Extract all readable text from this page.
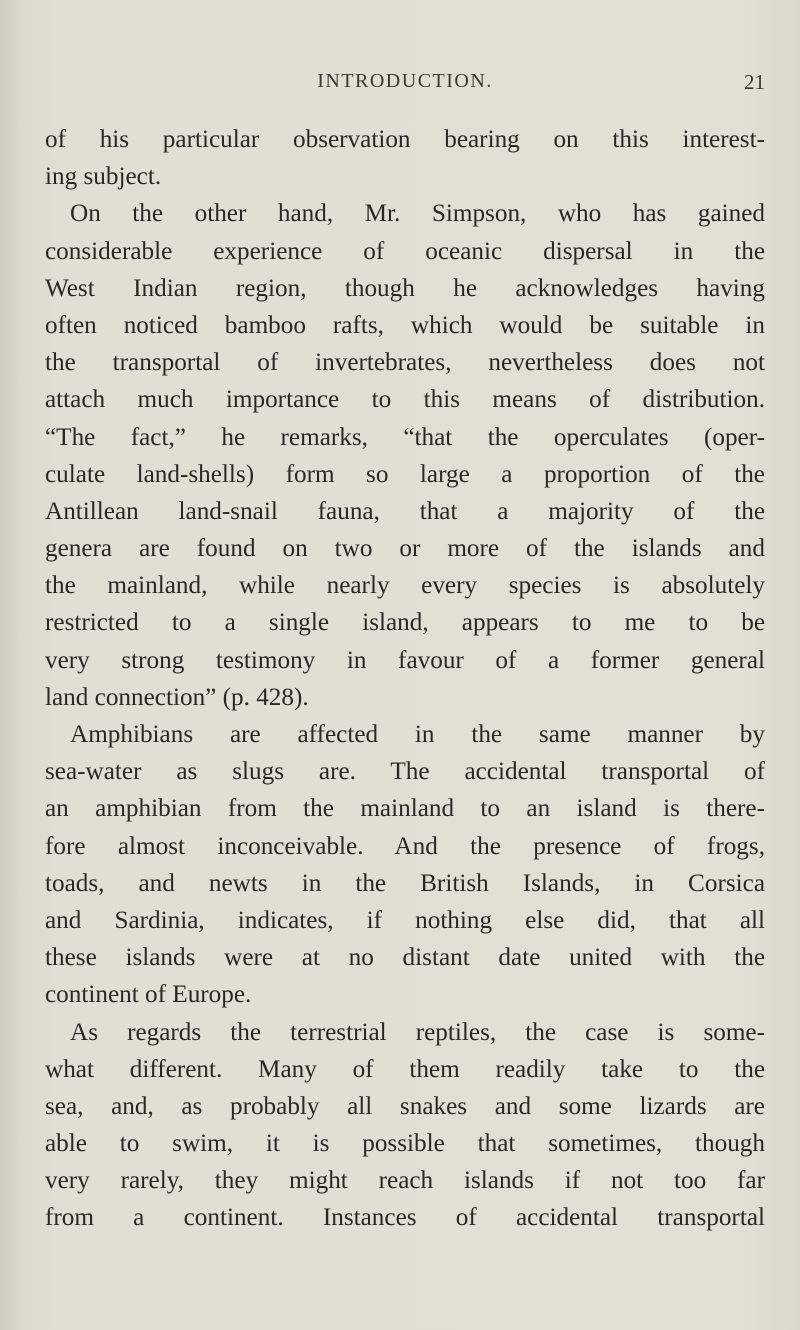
INTRODUCTION.	21
of his particular observation bearing on this interest-
ing subject.
On the other hand, Mr. Simpson, who has gained
considerable experience of oceanic dispersal in the
West Indian region, though he acknowledges having
often noticed bamboo rafts, which would be suitable in
the transportal of invertebrates, nevertheless does not
attach much importance to this means of distribution.
“The fact,” he remarks, “that the operculates (oper-
culate land-shells) form so large a proportion of the
Antillean land-snail fauna, that a majority of the
genera are found on two or more of the islands and
the mainland, while nearly every species is absolutely
restricted to a single island, appears to me to be
very strong testimony in favour of a former general
land connection” (p. 428).
Amphibians are affected in the same manner by
sea-water as slugs are. The accidental transportal of
an amphibian from the mainland to an island is there-
fore almost inconceivable. And the presence of frogs,
toads, and newts in the British Islands, in Corsica
and Sardinia, indicates, if nothing else did, that all
these islands were at no distant date united with the
continent of Europe.
As regards the terrestrial reptiles, the case is some-
what different. Many of them readily take to the
sea, and, as probably all snakes and some lizards are
able to swim, it is possible that sometimes, though
very rarely, they might reach islands if not too far
from a continent. Instances of accidental transportal
